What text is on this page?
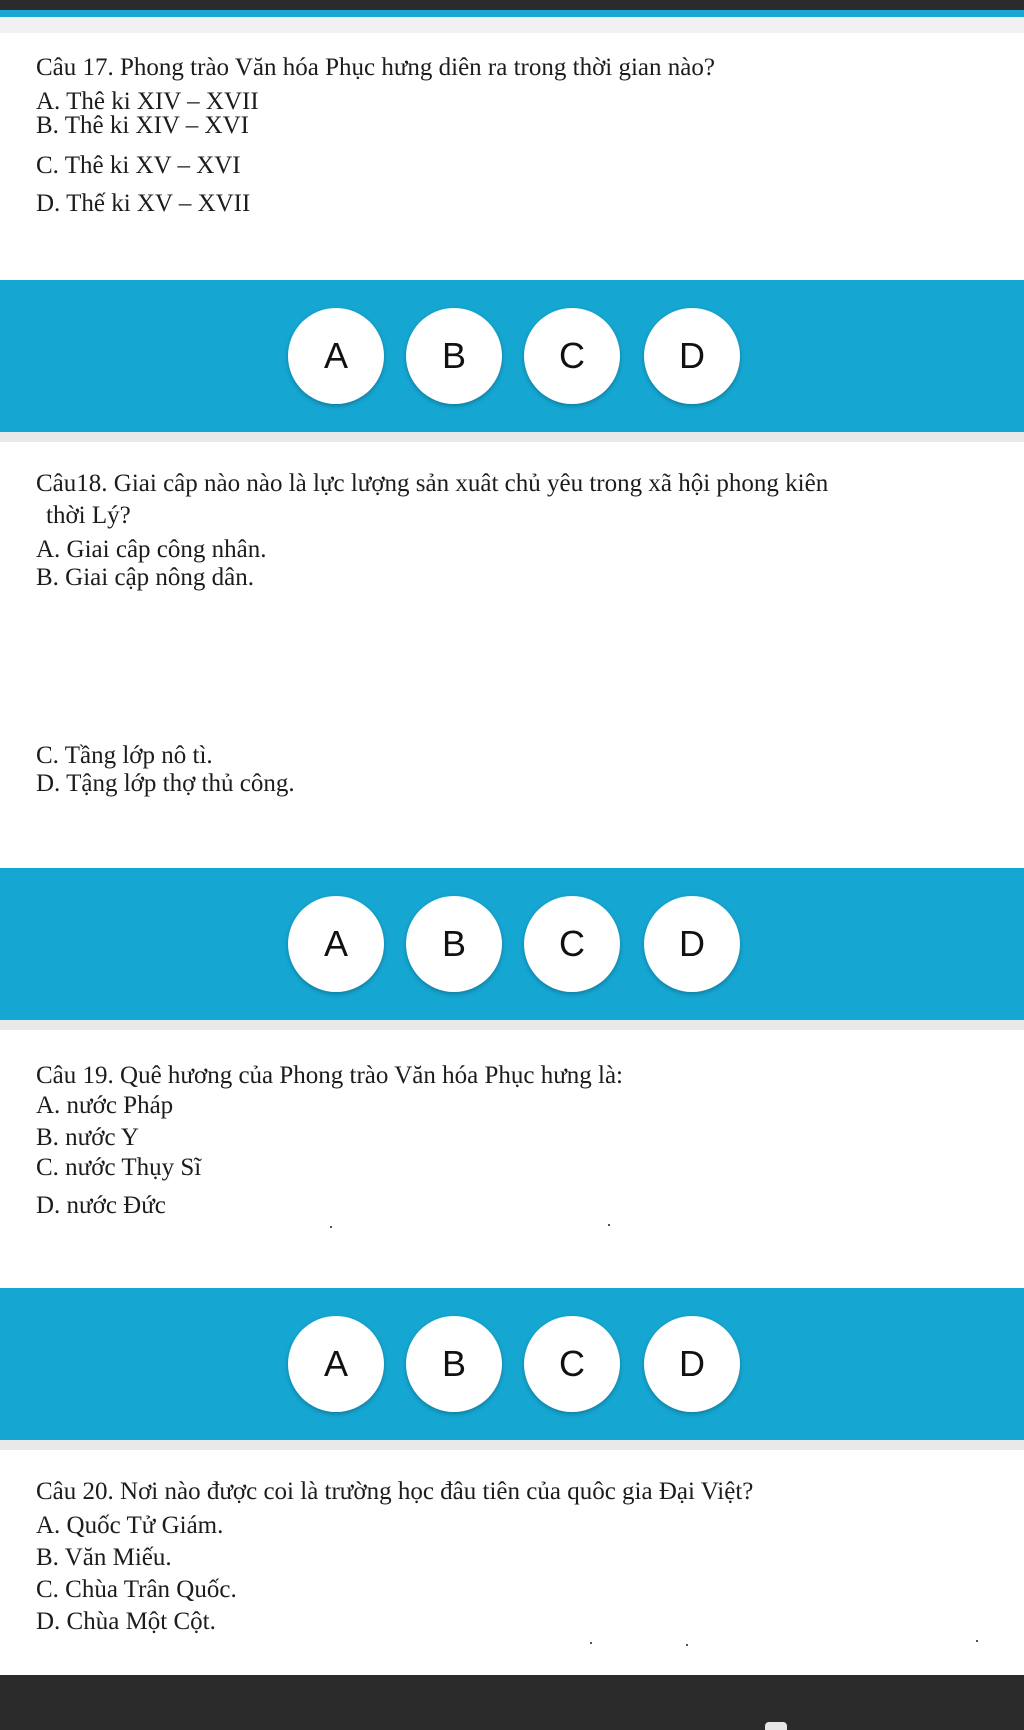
Câu 17. Phong trào Văn hóa Phục hưng diên ra trong thời gian nào?
A. Thê ki XIV – XVII
B. Thê ki XIV – XVI
C. Thê ki XV – XVI
D. Thế ki XV – XVII
A	B	C	D
Câu18. Giai câp nào nào là lực lượng sản xuât chủ yêu trong xã hội phong kiên
thời Lý?
A. Giai câp công nhân.
B. Giai cập nông dân.
C. Tầng lớp nô tì.
D. Tậng lớp thợ thủ công.
A	B	C	D
Câu 19. Quê hương của Phong trào Văn hóa Phục hưng là:
A. nước Pháp
B. nước Y
C. nước Thụy Sĩ
D. nước Đức
A	B	C	D
Câu 20. Nơi nào được coi là trường học đâu tiên của quôc gia Đại Việt?
A. Quốc Tử Giám.
B. Văn Miếu.
C. Chùa Trân Quốc.
D. Chùa Một Cột.
